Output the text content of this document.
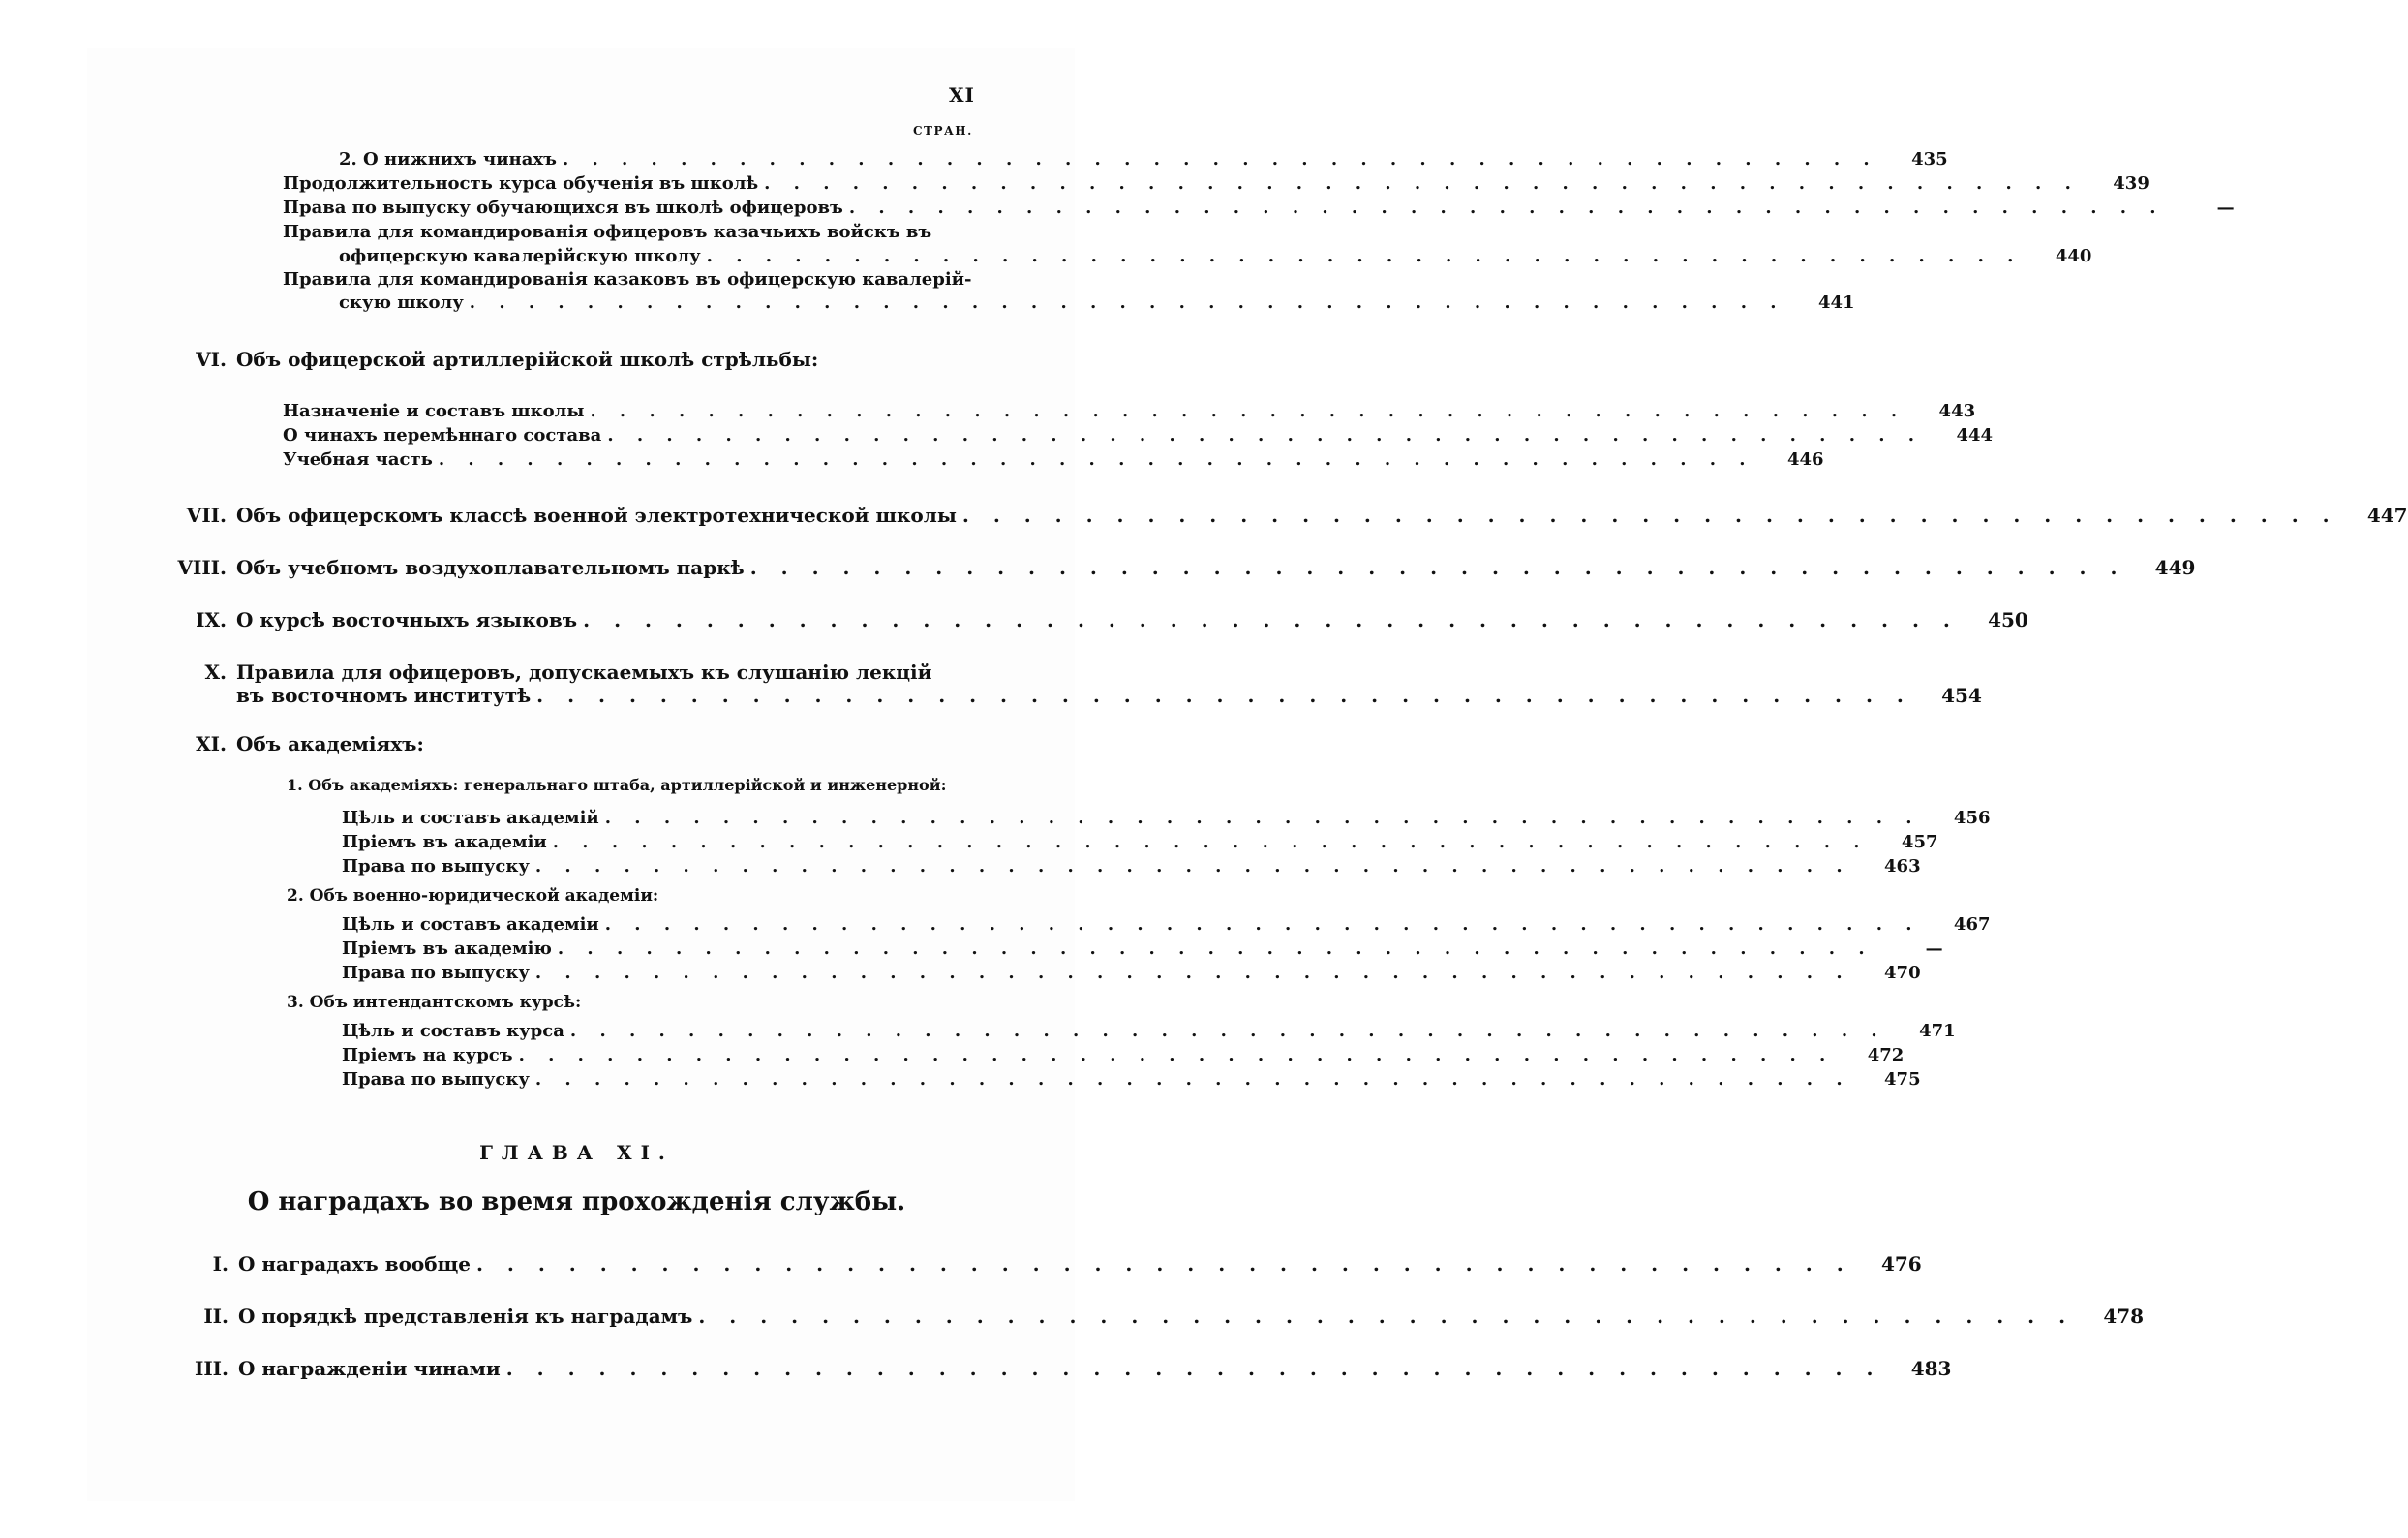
XI
СТРАН.
2. О нижнихъ чинахъ . . . . . . . . . . . . . . . . . . . . . . . . . . . . . . . . . . . . . . . . . . . . .	435
Продолжительность курса обученія въ школѣ . . . . . . . . . . . . . . . . . . . . . . . . . . . . . . . . . . . . . . . . . . . . .	439
Права по выпуску обучающихся въ школѣ офицеровъ . . . . . . . . . . . . . . . . . . . . . . . . . . . . . . . . . . . . . . . . . . . . .	—
Правила для командированія офицеровъ казачьихъ войскъ въ
офицерскую кавалерійскую школу . . . . . . . . . . . . . . . . . . . . . . . . . . . . . . . . . . . . . . . . . . . . .	440
Правила для командированія казаковъ въ офицерскую кавалерій-
скую школу . . . . . . . . . . . . . . . . . . . . . . . . . . . . . . . . . . . . . . . . . . . . .	441
VI. Объ офицерской артиллерійской школѣ стрѣльбы:
Назначеніе и составъ школы . . . . . . . . . . . . . . . . . . . . . . . . . . . . . . . . . . . . . . . . . . . . .	443
О чинахъ перемѣннаго состава . . . . . . . . . . . . . . . . . . . . . . . . . . . . . . . . . . . . . . . . . . . . .	444
Учебная часть . . . . . . . . . . . . . . . . . . . . . . . . . . . . . . . . . . . . . . . . . . . . .	446
VII. Объ офицерскомъ классѣ военной электротехнической школы . . . . . . . . . . . . . . . . . . . . . . . . . . . . . . . . . . . . . . . . . . . . .	447
VIII. Объ учебномъ воздухоплавательномъ паркѣ . . . . . . . . . . . . . . . . . . . . . . . . . . . . . . . . . . . . . . . . . . . . .	449
IX. О курсѣ восточныхъ языковъ . . . . . . . . . . . . . . . . . . . . . . . . . . . . . . . . . . . . . . . . . . . . .	450
X. Правила для офицеровъ, допускаемыхъ къ слушанію лекцій
въ восточномъ институтѣ . . . . . . . . . . . . . . . . . . . . . . . . . . . . . . . . . . . . . . . . . . . . .	454
XI. Объ академіяхъ:
1. Объ академіяхъ: генеральнаго штаба, артиллерійской и инженерной:
Цѣль и составъ академій . . . . . . . . . . . . . . . . . . . . . . . . . . . . . . . . . . . . . . . . . . . . .	456
Пріемъ въ академіи . . . . . . . . . . . . . . . . . . . . . . . . . . . . . . . . . . . . . . . . . . . . .	457
Права по выпуску . . . . . . . . . . . . . . . . . . . . . . . . . . . . . . . . . . . . . . . . . . . . .	463
2. Объ военно-юридической академіи:
Цѣль и составъ академіи . . . . . . . . . . . . . . . . . . . . . . . . . . . . . . . . . . . . . . . . . . . . .	467
Пріемъ въ академію . . . . . . . . . . . . . . . . . . . . . . . . . . . . . . . . . . . . . . . . . . . . .	—
Права по выпуску . . . . . . . . . . . . . . . . . . . . . . . . . . . . . . . . . . . . . . . . . . . . .	470
3. Объ интендантскомъ курсѣ:
Цѣль и составъ курса . . . . . . . . . . . . . . . . . . . . . . . . . . . . . . . . . . . . . . . . . . . . .	471
Пріемъ на курсъ . . . . . . . . . . . . . . . . . . . . . . . . . . . . . . . . . . . . . . . . . . . . .	472
Права по выпуску . . . . . . . . . . . . . . . . . . . . . . . . . . . . . . . . . . . . . . . . . . . . .	475
ГЛАВА XI.
О наградахъ во время прохожденія службы.
I. О наградахъ вообще . . . . . . . . . . . . . . . . . . . . . . . . . . . . . . . . . . . . . . . . . . . . .	476
II. О порядкѣ представленія къ наградамъ . . . . . . . . . . . . . . . . . . . . . . . . . . . . . . . . . . . . . . . . . . . . .	478
III. О награжденіи чинами . . . . . . . . . . . . . . . . . . . . . . . . . . . . . . . . . . . . . . . . . . . . .	483
